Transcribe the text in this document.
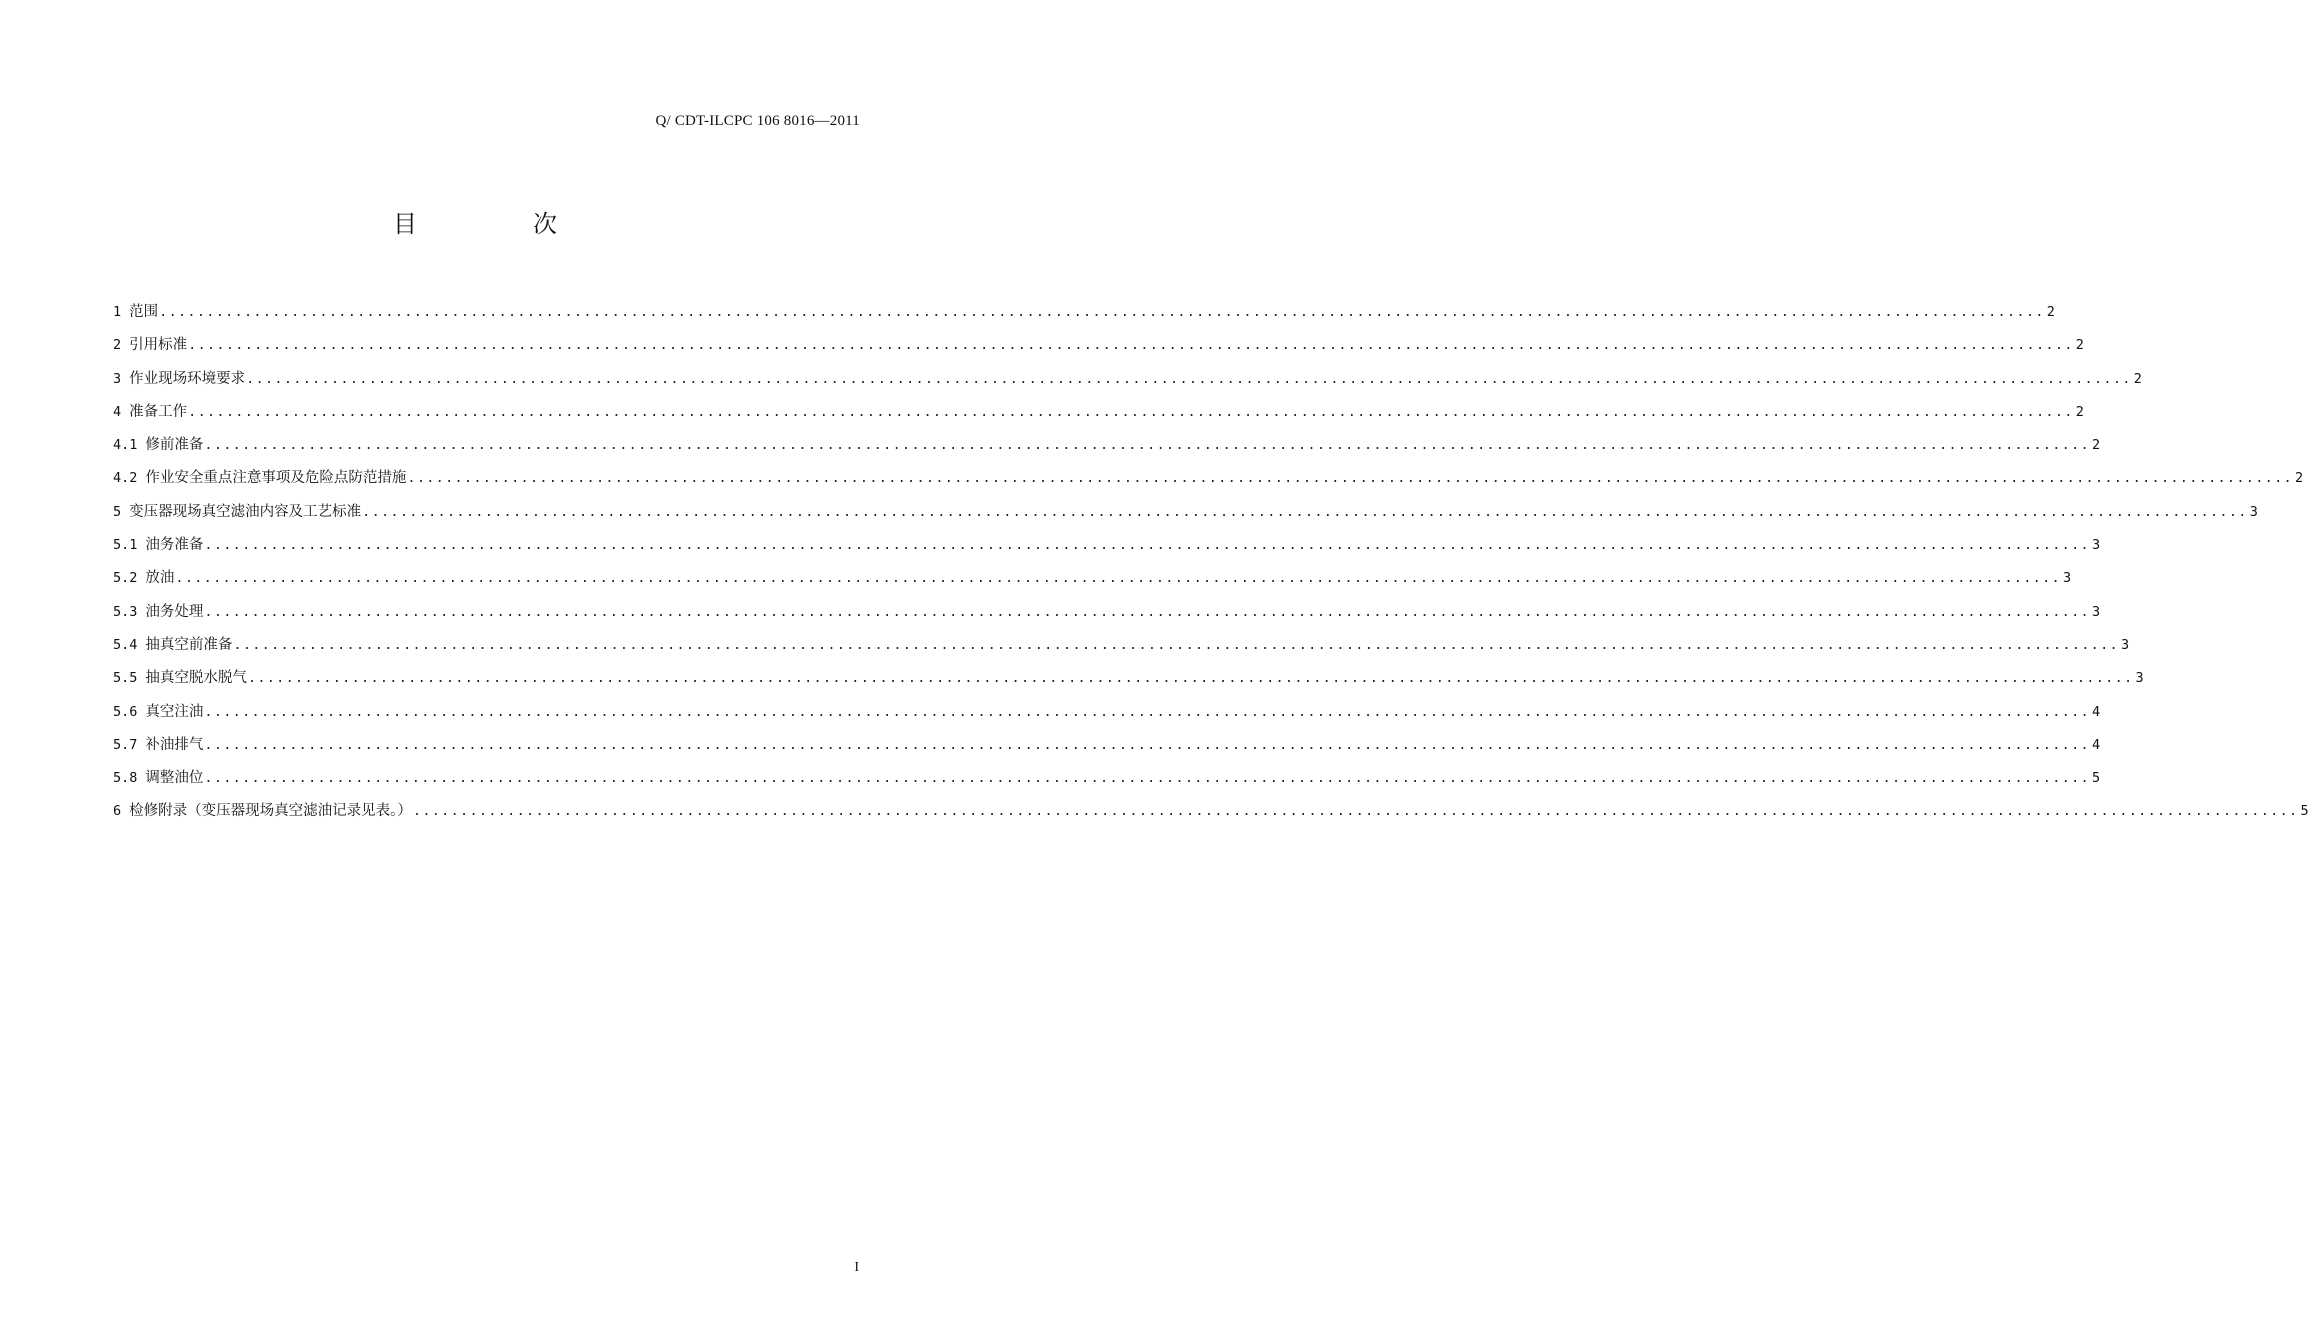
Q/ CDT-ILCPC 106 8016—2011
目　次
1 范围 ........................................................................................................................................................................................................ 2
2 引用标准 ........................................................................................................................................................................................................ 2
3 作业现场环境要求 ........................................................................................................................................................................................................ 2
4 准备工作 ........................................................................................................................................................................................................ 2
4.1 修前准备 ........................................................................................................................................................................................................ 2
4.2 作业安全重点注意事项及危险点防范措施 ........................................................................................................................................................................................................ 2
5 变压器现场真空滤油内容及工艺标准 ........................................................................................................................................................................................................ 3
5.1 油务准备 ........................................................................................................................................................................................................ 3
5.2 放油 ........................................................................................................................................................................................................ 3
5.3 油务处理 ........................................................................................................................................................................................................ 3
5.4 抽真空前准备 ........................................................................................................................................................................................................ 3
5.5 抽真空脱水脱气 ........................................................................................................................................................................................................ 3
5.6 真空注油 ........................................................................................................................................................................................................ 4
5.7 补油排气 ........................................................................................................................................................................................................ 4
5.8 调整油位 ........................................................................................................................................................................................................ 5
6 检修附录（变压器现场真空滤油记录见表。） ........................................................................................................................................................................................................ 5
I
